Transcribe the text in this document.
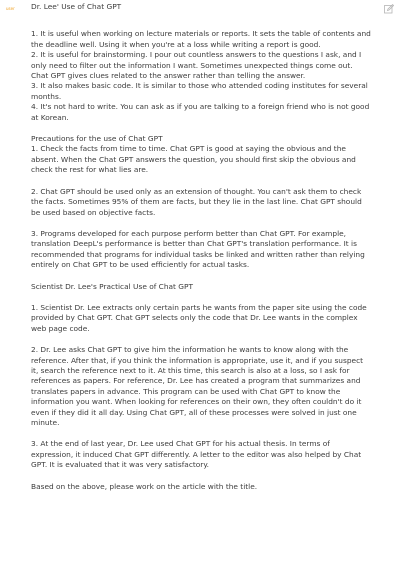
user	Dr. Lee' Use of Chat GPT

1. It is useful when working on lecture materials or reports. It sets the table of contents and the deadline well. Using it when you're at a loss while writing a report is good.

2. It is useful for brainstorming. I pour out countless answers to the questions I ask, and I only need to filter out the information I want. Sometimes unexpected things come out. Chat GPT gives clues related to the answer rather than telling the answer.

3. It also makes basic code. It is similar to those who attended coding institutes for several months.

4. It's not hard to write. You can ask as if you are talking to a foreign friend who is not good at Korean.

Precautions for the use of Chat GPT

1. Check the facts from time to time. Chat GPT is good at saying the obvious and the absent. When the Chat GPT answers the question, you should first skip the obvious and check the rest for what lies are.

2. Chat GPT should be used only as an extension of thought. You can't ask them to check the facts. Sometimes 95% of them are facts, but they lie in the last line. Chat GPT should be used based on objective facts.

3. Programs developed for each purpose perform better than Chat GPT. For example, translation DeepL's performance is better than Chat GPT's translation performance. It is recommended that programs for individual tasks be linked and written rather than relying entirely on Chat GPT to be used efficiently for actual tasks.

Scientist Dr. Lee's Practical Use of Chat GPT

1. Scientist Dr. Lee extracts only certain parts he wants from the paper site using the code provided by Chat GPT. Chat GPT selects only the code that Dr. Lee wants in the complex web page code.

2. Dr. Lee asks Chat GPT to give him the information he wants to know along with the reference. After that, if you think the information is appropriate, use it, and if you suspect it, search the reference next to it. At this time, this search is also at a loss, so I ask for references as papers. For reference, Dr. Lee has created a program that summarizes and translates papers in advance. This program can be used with Chat GPT to know the information you want. When looking for references on their own, they often couldn't do it even if they did it all day. Using Chat GPT, all of these processes were solved in just one minute.

3. At the end of last year, Dr. Lee used Chat GPT for his actual thesis. In terms of expression, it induced Chat GPT differently. A letter to the editor was also helped by Chat GPT. It is evaluated that it was very satisfactory.

Based on the above, please work on the article with the title.
